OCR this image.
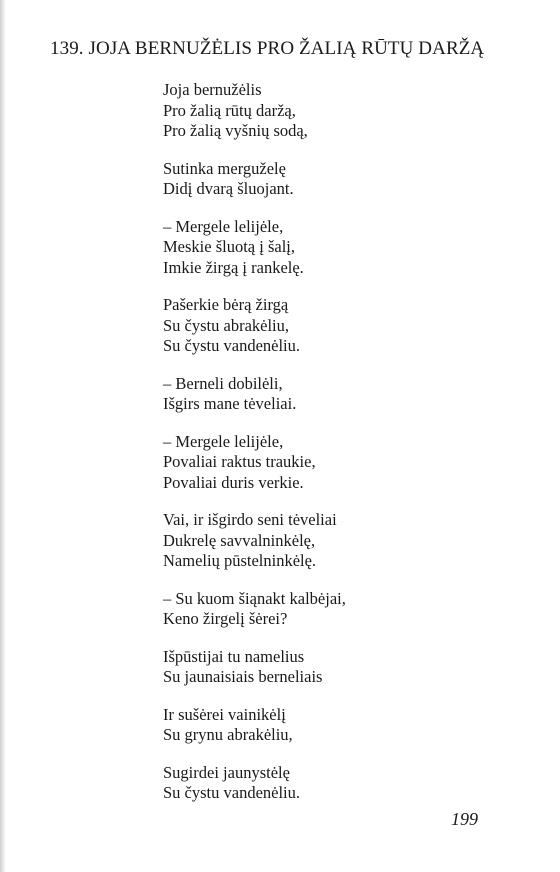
139. JOJA BERNUŽĖLIS PRO ŽALIĄ RŪTŲ DARŽĄ
Joja bernužėlis
Pro žalią rūtų daržą,
Pro žalią vyšnių sodą,
Sutinka merguželę
Didį dvarą šluojant.
– Mergele lelijėle,
Meskie šluotą į šalį,
Imkie žirgą į rankelę.
Pašerkie bėrą žirgą
Su čystu abrakėliu,
Su čystu vandenėliu.
– Berneli dobilėli,
Išgirs mane tėveliai.
– Mergele lelijėle,
Povaliai raktus traukie,
Povaliai duris verkie.
Vai, ir išgirdo seni tėveliai
Dukrelę savvalninkėlę,
Namelių pūstelninkėlę.
– Su kuom šiąnakt kalbėjai,
Keno žirgelį šėrei?
Išpūstijai tu namelius
Su jaunaisiais berneliais
Ir sušėrei vainikėlį
Su grynu abrakėliu,
Sugirdei jaunystėlę
Su čystu vandenėliu.
199
